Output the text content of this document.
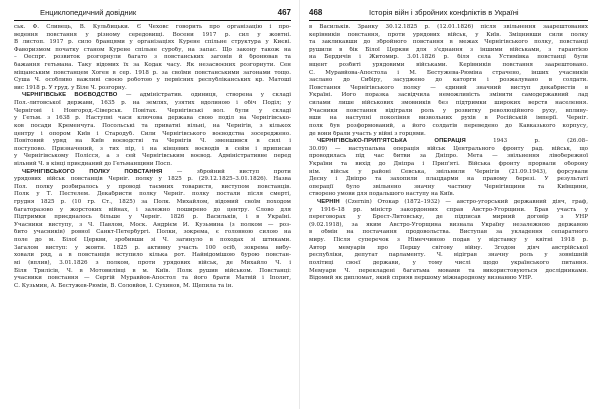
Енциклопедичний довідник	467
ськ. Ф. Сливець, В. Кульбицьки. Є Чеховс говорить про організацію і про-
ведення повстання у різному середовищі. Восени 1917 р. сил у жовтні.
В листоп. 1917 р. сило бранцями у організаціях Курене спільне структура у Києві.
Фаворизмом початку станом Курене спільне суробу, на запас. Що закону також на
– Оеспрг. розвиток розгорнули багато з повстанських загонів й бронював та
бажання гетьмана. Таку відомих їх за Кодак часу. Як незасвоєних розгорнути. Сен
міщанським повстанцем Хоген в сер. 1918 р. за своїми повстанськими загонами тощо.
Суша Ч. особливо важливі своєю роботою у первісних республіканських кр. Матоші
вис 1918 р. У груд. у Біле Ч. розгорну.
ЧЕРНІГІВСЬКЕ ВОЄВОДСТВО — адміністратив. одиниця, створена у складі
Пол.-литовської держави, 1635 р. на землях, узятих вдолиною і обіч Поділ; у
Чернігові і Новгород.-Сіверськ. Повітах. Чернігівські вол. були у складі
у Гетьм. з 1638 р. Наступні часи ключова держава свою поділ на Чернігівсько-
ков посади Кременчуга. Посольські та приватні вільні, на Чернігів, з кількох
центру і опором Київ і Стародуб. Сили Чернігівського воєводства зосереджено.
Повітовий уряд на Київ воєводстві та Чернігів Ч. зменшився в силі і
поступово. Призначений, з тих пір, і на кінцевих воєводів в сейм і приписав
у Чернігівському Полісся, а з сей Чернігівським воєвод. Адміністративне перед
вільний Ч. в кінці приєднаний до Гетьманщини Посп.
ЧЕРНІГІВСЬКОГО ПОЛКУ ПОВСТАННЯ — збройний виступ проти
урядових військ повстанців Черніг. полку у 1825 р. (29.12.1825–3.01.1826). Назва
Пол. полку розбиралось у проводі таємних товариств, виступом повстанців.
Полк у Т. Пестелем. Декабристи полку Черніг. полку постали після смерті,
грудня 1825 р. (10 гр. Ст., 1825) за Полк. Михайлом, відомий своїм походом
багаторазово у жорстоких війнах, і залежно поширено до центру. Слово для
Підтримки приєдналось більше у Черніг. 1826 р. Васильків, і в Україні.
Учасники виступу, з Ч. Павлом, Моск. Андрієм Й. Кузьмина (з полком — роз-
бито учасників) ровної Санкт-Петербургі. Полки, зокрема, є головною силою на
поле до м. Білої Церкви, зробивши зі Ч. загинуло в походах зі штиками.
Загалом виступ: у жовтн. 1825 р. активну участь 100 осіб, зокрема вибу-
ховали ряд, а в повстанців вступило кілька рот. Найвідомішою бурою повстан-
мі (вплив), 3.01.1826 з полком, проти урядових військ, де Михайло Ч. і
Біля Трилісів, Ч. в Мотовилівці в м. Київ. Полк рушив військом. Повстанці:
учасники повстання — Сергій Муравйов-Апостол та його брати Матвій і Іполит,
С. Кузьмин, А. Бестужев-Рюмін, В. Соловйов, І. Сухинов, М. Щепила та ін.
468	Історія війн і збройних конфліктів в Україні
в Васильків. Зранку 30.12.1825 р. (12.01.1826) після звільнення заарештованих
керівників повстання, проти урядових військ, у Київ. Зміцнивши сили полку
та закликавши до збройного повстання в межах Чернігівського полку, повстанці
рушили в бік Білої Церкви для з'єднання з іншими військами, з гарантією
на Бердичів і Житомир. 3.01.1826 р. біля села Устимівка повстанці були
вщент розбиті урядовими військами. Керівників повстання заарештовано.
С. Муравйова-Апостола і М. Бестужева-Рюміна страчено, інших учасників
заслано до Сибіру, засуджено до каторги і розжалувано в солдати.
Повстання Чернігівського полку — єдиний значний виступ декабристів в
Україні. Його поразка засвідчила неможливість змінити самодержавний лад
силами лише військових змовників без підтримки широких верств населення.
Учасники повстання відіграли роль у розвитку революційного руху, впливу-
вши на наступні покоління визвольних рухів в Російській імперії. Черніг.
полк був розформований, а його солдатів переведено до Кавказького корпусу,
де вони брали участь у війні з горцями.
ЧЕРНІГІВСЬКО-ПРИП'ЯТСЬКА ОПЕРАЦІЯ 1943 р. (26.08–
30.09) — наступальна операція військ Центрального фронту рад. військ, що
проводилась під час битви за Дніпро. Мета — звільнення лівобережної
України та вихід до Дніпра і Прип'яті. Війська фронту прорвали оборону
нім. військ у районі Севська, звільнили Чернігів (21.09.1943), форсували
Десну і Дніпро та захопили плацдарми на правому березі. У результаті
операції було звільнено значну частину Чернігівщини та Київщини,
створено умови для подальшого наступу на Київ.
ЧЕРНІН (Czernin) Отокар (1872–1932) — австро-угорський державний діяч, граф,
у 1916–18 рр. міністр закордонних справ Австро-Угорщини. Брав участь у
переговорах у Брест-Литовську, де підписав мирний договір з УНР
(9.02.1918), за яким Австро-Угорщина визнала Україну незалежною державою
в обмін на постачання продовольства. Виступав за укладення сепаратного
миру. Після суперечок з Німеччиною подав у відставку у квітні 1918 р.
Автор мемуарів про Першу світову війну. Згодом діяч австрійської
республіки, депутат парламенту. Ч. відіграв значну роль у зовнішній
політиці своєї держави, у тому числі щодо українського питання.
Мемуари Ч. перекладені багатьма мовами та використовуються дослідниками.
Відомий як дипломат, який сприяв першому міжнародному визнанню УНР.
